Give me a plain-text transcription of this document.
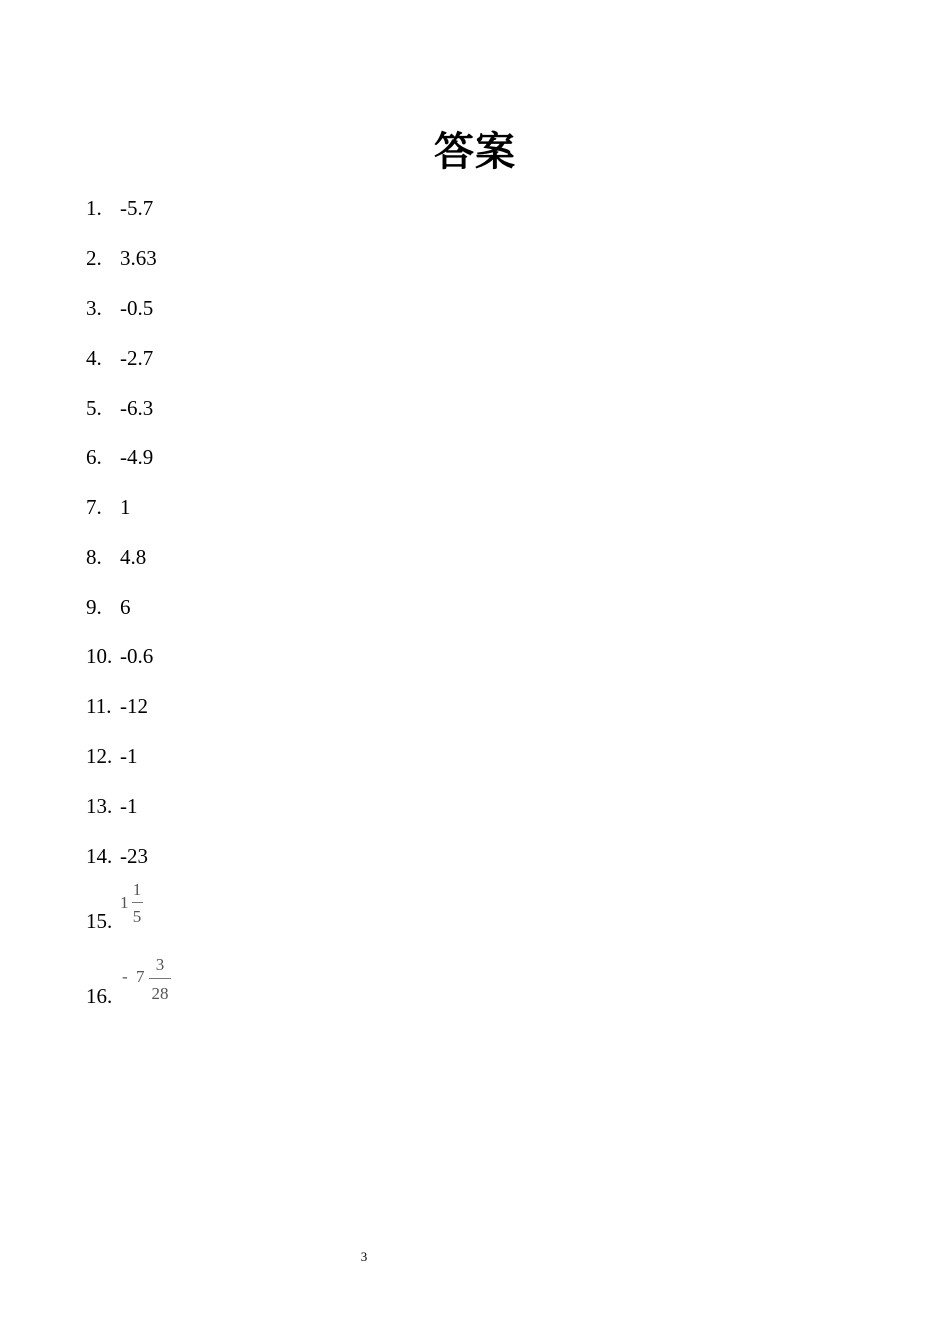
答案
1. -5.7
2. 3.63
3. -0.5
4. -2.7
5. -6.3
6. -4.9
7. 1
8. 4.8
9. 6
10. -0.6
11. -12
12. -1
13. -1
14. -23
15.
1
1
5
16.
- 7
3
28
3
